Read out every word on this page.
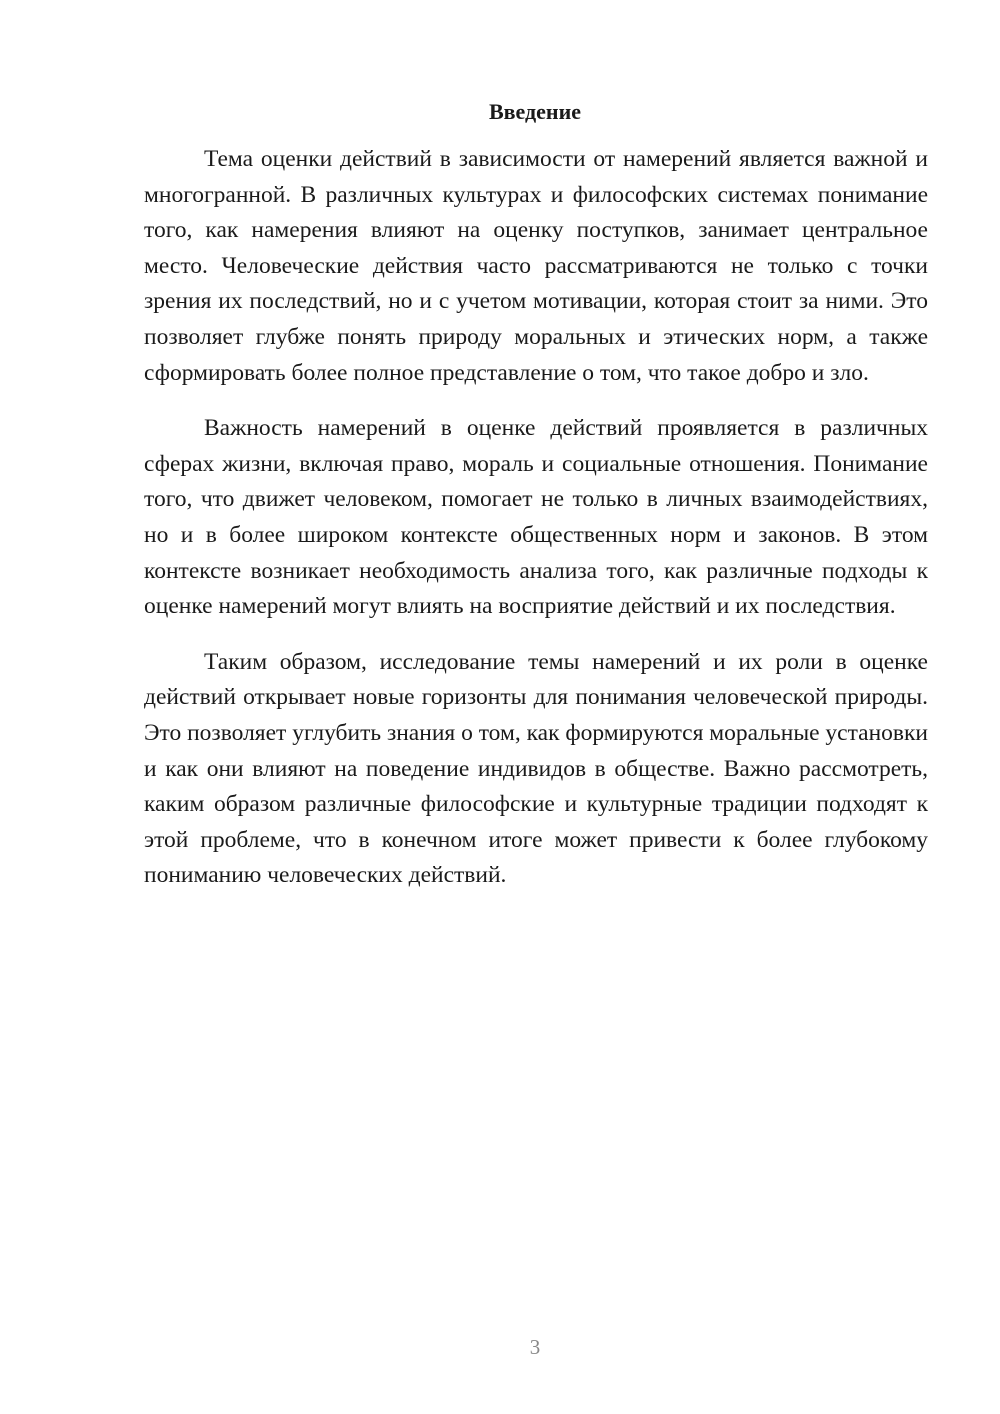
Введение

Тема оценки действий в зависимости от намерений является важной и многогранной. В различных культурах и философских системах понимание того, как намерения влияют на оценку поступков, занимает центральное место. Человеческие действия часто рассматриваются не только с точки зрения их последствий, но и с учетом мотивации, которая стоит за ними. Это позволяет глубже понять природу моральных и этических норм, а также сформировать более полное представление о том, что такое добро и зло.

Важность намерений в оценке действий проявляется в различных сферах жизни, включая право, мораль и социальные отношения. Понимание того, что движет человеком, помогает не только в личных взаимодействиях, но и в более широком контексте общественных норм и законов. В этом контексте возникает необходимость анализа того, как различные подходы к оценке намерений могут влиять на восприятие действий и их последствия.

Таким образом, исследование темы намерений и их роли в оценке действий открывает новые горизонты для понимания человеческой природы. Это позволяет углубить знания о том, как формируются моральные установки и как они влияют на поведение индивидов в обществе. Важно рассмотреть, каким образом различные философские и культурные традиции подходят к этой проблеме, что в конечном итоге может привести к более глубокому пониманию человеческих действий.

3
